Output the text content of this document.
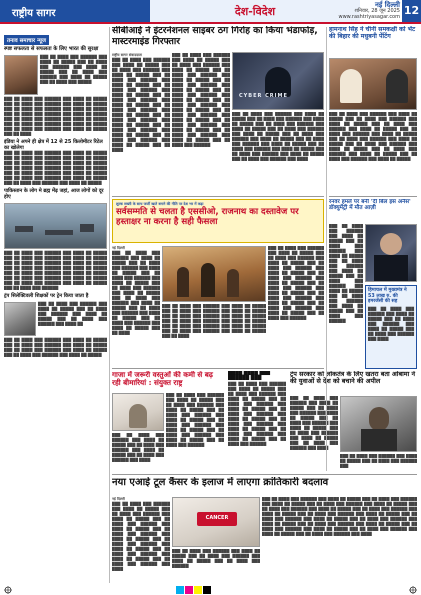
राष्ट्रीय सागर	देश-विदेश	नई दिल्ली
शनिवार, 28 जून 2025
www.rashtriyasagar.com 12
तनाव समाचार न्यूज
स्पष्ट सफलता से सफलता के लिए भारत की सुरक्षा
███ ██ ████ ███ ██████ ███ ████ ██ █████ ███ ██ ████ ███ ██████ ███ ████ ██ █████ ███ ██ ████ ███ ██████ ███ ████ ██ █████ ███ ██ ████ ███ █████
███ ██ ████ ███ ██████ ███ ████ ██ █████ ███ ██ ████ ███ ██████ ███ ████ ██ █████ ███ ██ ████ ███ ██████ ███ ████ ██ █████ ███ ██ ████ ███ ██████ ███ ████ ██ █████ ███ ██ ████ ███ ██████ ███ ████ ██ █████ ███ ██ ████ ███ ██████ ███ ████ ██ █████ ███ ██ ████ ███ ██████ ███ ████ ██ █████ ███ ██ ████
इंडिया ने अपने ही क्षेत्र में 12 से 25 किलोमीटर रिटेल का खोलेगा
███ ██ ████ ███ ██████ ███ ████ ██ █████ ███ ██ ████ ███ ██████ ███ ████ ██ █████ ███ ██ ████ ███ ██████ ███ ████ ██ █████ ███ ██ ████ ███ ██████ ███ ████ ██ █████ ███ ██ ████ ███ ██████ ███ ████ ██ █████ ███ ██ ████ ███ ██████ ███ ████ ██ █████ ███ ██ ████ ███ ██████ ███ ████ ██ █████
पाकिस्तान के लोग मे ब्रह्म मेंढ़ जहां, आज लोगों को दूर होए
███ ██ ████ ███ ██████ ███ ████ ██ █████ ███ ██ ████ ███ ██████ ███ ████ ██ █████ ███ ██ ████ ███ ██████ ███ ████ ██ █████ ███ ██ ████ ███ ██████ ███ ████ ██ █████ ███ ██ ████ ███ ██████ ███ ████ ██ █████ ███ ██ ████ ███ ██████ ███ ████ ██ █████ ███ ██ ████ ███ ██████ ███ ████ ██ █████ ███ ██ ████ ███ ██████
ट्रंप सिलेक्टिवली शिक्षकों पर ट्रेन किया जाता है
███ ██ ████ ███ ██████ ███ ████ ██ █████ ███ ██ ████ ███ ██████ ███ ████ ██ █████ ███ ██ ████ ███ ██████ ███ ████ ██
███ ██ ████ ███ ██████ ███ ████ ██ █████ ███ ██ ████ ███ ██████ ███ ████ ██ █████ ███ ██ ████ ███ ██████ ███ ████ ██ █████ ███ ██ ████ ███ ██████ ███ ████ ██ █████
सीबीआई ने इंटरनेशनल साइबर ठग गिरोह का किया भंडाफोड़, मास्टरमाइंड गिरफ्तार
राष्ट्रीय सागर संवाददाता
███ ██ ████ ███ ██████ ███ ████ ██ █████ ███ ██ ████ ███ ██████ ███ ████ ██ █████ ███ ██ ████ ███ ██████ ███ ████ ██ █████ ███ ██ ████ ███ ██████ ███ ████ ██ █████ ███ ██ ████ ███ ██████ ███ ████ ██ █████ ███ ██ ████ ███ ██████ ███ ████ ██ █████ ███ ██ ████ ███ ██████ ███ ████ ██ █████ ███ ██ ████ ███ ██████ ███ ████ ██ █████ ███ ██ ████ ███ ██████ ███ ████ ██ █████ ███ ██ ████
███ ██ ████ ███ ██████ ███ ████ ██ █████ ███ ██ ████ ███ ██████ ███ ████ ██ █████ ███ ██ ████ ███ ██████ ███ ████ ██ █████ ███ ██ ████ ███ ██████ ███ ████ ██ █████ ███ ██ ████ ███ ██████ ███ ████ ██ █████ ███ ██ ████ ███ ██████ ███ ████ ██ █████ ███ ██ ████ ███ ██████ ███ ████ ██ █████ ███ ██ ████ ███ ██████ ███ ████ ██ █████ ███ ██ ████ ███ ██████ ███ ████ ██ █████ ███ ██ ████ ███ ██████
CYBER CRIME
███ ██ ████ ███ ██████ ███ ████ ██ █████ ███ ██ ████ ███ ██████ ███ ████ ██ █████ ███ ██ ████ ███ ██████ ███ ████ ██ █████ ███ ██ ████ ███ ██████ ███ ████ ██ █████ ███ ██ ████ ███ ██████ ███ ████ ██ █████ ███ ██ ████ ███ ██████ ███ ████ ██ █████ ███ ██ ████ ███ ██████ ███ ████ ██ █████ ███ ██ ████ ███ ██████ ███ ████ ██ █████ ███ ██ ████ ███ ██████ ███ ████
शुल्क सख्ती के साथ फर्जी खाते बनाने की नीति पर देश भर में कड़ा
सर्वसम्मति से चलता है एससीओ, राजनाथ का दस्तावेज पर हस्ताक्षर ना करना है सही फैसला
नई दिल्ली
███ ██ ████ ███ ██████ ███ ████ ██ █████ ███ ██ ████ ███ ██████ ███ ████ ██ █████ ███ ██ ████ ███ ██████ ███ ████ ██ █████ ███ ██ ████ ███ ██████ ███ ████ ██ █████ ███ ██ ████ ███ ██████ ███ ████ ██ █████ ███ ██ ████ ███ ██████ ███ ████ ██ █████ ███ ██ ████ ███ ██████ ███ ████ ██ █████ ███ ██ ████
███ ██ ████ ███ ██████ ███ ████ ██ █████ ███ ██ ████ ███ ██████ ███ ████ ██ █████ ███ ██ ████ ███ ██████ ███ ████ ██ █████ ███ ██ ████ ███ ██████ ███ ████ ██ █████ ███ ██ ████ ███ ██████ ███ ████ ██ █████ ███ ██ ████ ███ ██████ ███ ████ ██ █████ ███ ██ ████ ███ ██████ ███ ████ ██ █████ ███ ██ ████ ███ ██████
███ ██ ████ ███ ██████ ███ ████ ██ █████ ███ ██ ████ ███ ██████ ███ ████ ██ █████ ███ ██ ████ ███ ██████ ███ ████ ██ █████ ███ ██ ████ ███ ██████ ███ ████ ██ █████ ███ ██ ████ ███ ██████ ███ ████ ██ █████ ███ ██ ████ ███ ██████ ███ ████ ██ █████ ███ ██ ████
गाजा में जरूरी वस्तुओं की कमी से बढ़ रही बीमारियां : संयुक्त राष्ट्र
███ ██ ████ ███ ██████ ███ ████ ██ █████ ███ ██ ████ ███ ██████ ███ ████ ██ █████ ███ ██ ████ ███ ██████ ███ ████ ██ █████ ███ ██ ████ ███ ██████ ███ ████ ██ █████ ███ ██ ████ ███ ██████ ███ ████ ██ █████ ███ ██ ████ ███ ██████
███ ██ ████ ███ ██████ ███ ████ ██ █████ ███ ██ ████ ███ ██████ ███ ████ ██ █████ ███ ██ ████ ███ ██████ ███ ████
████ ████ ███ ██████ ███
███ ██ ████ ███ ██████ ███ ████ ██ █████ ███ ██ ████ ███ ██████ ███ ████ ██ █████ ███ ██ ████ ███ ██████ ███ ████ ██ █████ ███ ██ ████ ███ ██████ ███ ████ ██ █████ ███ ██ ████ ███ ██████ ███ ████ ██ █████ ███ ██ ████ ███ ██████ ███ ████ ██ █████ ███ ██ ████ ███ ██████
ट्रंप सरकार को लोकतंत्र के लिए खतरा बता ओबामा ने की युवाओं से देश को बचाने की अपील
███ ██ ████ ███ ██████ ███ ████ ██ █████ ███ ██ ████ ███ ██████ ███ ████ ██ █████ ███ ██ ████ ███ ██████ ███ ████ ██ █████ ███ ██ ████ ███ ██████ ███ ████ ██ █████ ███ ██ ████ ███ ██████ ███ ████
███ ██ ████ ███ ██████ ███ ████ ██ █████ ███ ██ ████ ███ ██████ ███
नया एआई टूल कैंसर के इलाज में लाएगा क्रांतिकारी बदलाव
नई दिल्ली
███ ██ ████ ███ ██████ ███ ████ ██ █████ ███ ██ ████ ███ ██████ ███ ████ ██ █████ ███ ██ ████ ███ ██████ ███ ████ ██ █████ ███ ██ ████ ███ ██████ ███ ████ ██ █████ ███ ██ ████ ███ ██████ ███ ████ ██ █████ ███ ██ ████ ███ ██████ ███ ████ ██ █████ ███ ██ ████ ███ ██████ ███ ████
CANCER
███ ██ ████ ███ ██████ ███ ████ ██ █████ ███ ██ ████ ███ ██████ ███ ████ ██ █████ ███ ██ ████ ███ ██████
███ ██ ████ ███ ██████ ███ ████ ██ █████ ███ ██ ████ ███ ██████ ███ ████ ██ █████ ███ ██ ████ ███ ██████ ███ ████ ██ █████ ███ ██ ████ ███ ██████ ███ ████ ██ █████ ███ ██ ████ ███ ██████ ███ ████ ██ █████ ███ ██ ████ ███ ██████ ███ ████ ██ █████ ███ ██ ████ ███ ██████ ███ ████ ██ █████ ███ ██ ████ ███ ██████ ███ ████ ██ █████ ███ ██ ████ ███ ██████ ███ ████ ██ █████ ███ ██ ████ ███ ██████ ███ ████ ██ █████ ███ ██ ████ ███ ██████ ███ ████ ██ █████ ███ ██ ████ ███ ██████ ███ ████
हामनाथ सिंह ने चीनी समकक्षी को भेंट की बिहार की मधुबनी पेंटिंग
███ ██ ████ ███ ██████ ███ ████ ██ █████ ███ ██ ████ ███ ██████ ███ ████ ██ █████ ███ ██ ████ ███ ██████ ███ ████ ██ █████ ███ ██ ████ ███ ██████ ███ ████ ██ █████ ███ ██ ████ ███ ██████ ███ ████ ██ █████ ███ ██ ████ ███ ██████ ███ ████ ██ █████ ███ ██ ████ ███ ██████ ███ ████ ██ █████ ███ ██ ████ ███ ██████ ███ ████ ██ █████
रनवर हमले पर बनी 'दी बिल इंस अनैस' डॉक्युमेंट्री में मौत आज़ी
███ ██ ████ ███ ██████ ███ ████ ██ █████ ███ ██ ████ ███ ██████ ███ ████ ██ █████ ███ ██ ████ ███ ██████ ███ ████ ██ █████ ███ ██ ████ ███ ██████ ███ ████ ██ █████ ███ ██ ████ ███ ██████ ███ ████ ██ █████ ███ ██ ████ ███ ██████
हिमाचल में मुख्यमंत्र ने 53 लाख रु. की इमरजेंसी की सह
███ ██ ████ ███ ██████ ███ ████ ██ █████ ███ ██ ████ ███ ██████ ███ ████ ██ █████ ███ ██ ████ ███ ██████ ███ ████
